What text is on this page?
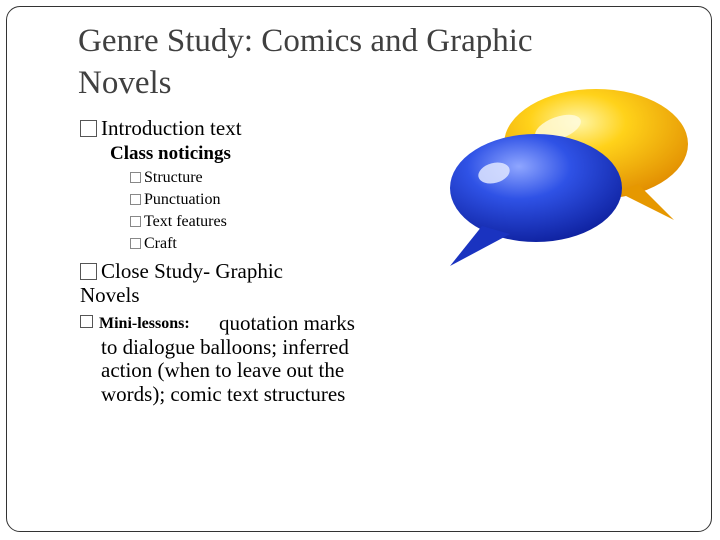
Genre Study: Comics and Graphic Novels
Introduction text
Class noticings
Structure
Punctuation
Text features
Craft
Close Study- Graphic Novels
Mini-lessons:	quotation marks to dialogue balloons; inferred action (when to leave out the words); comic text structures
